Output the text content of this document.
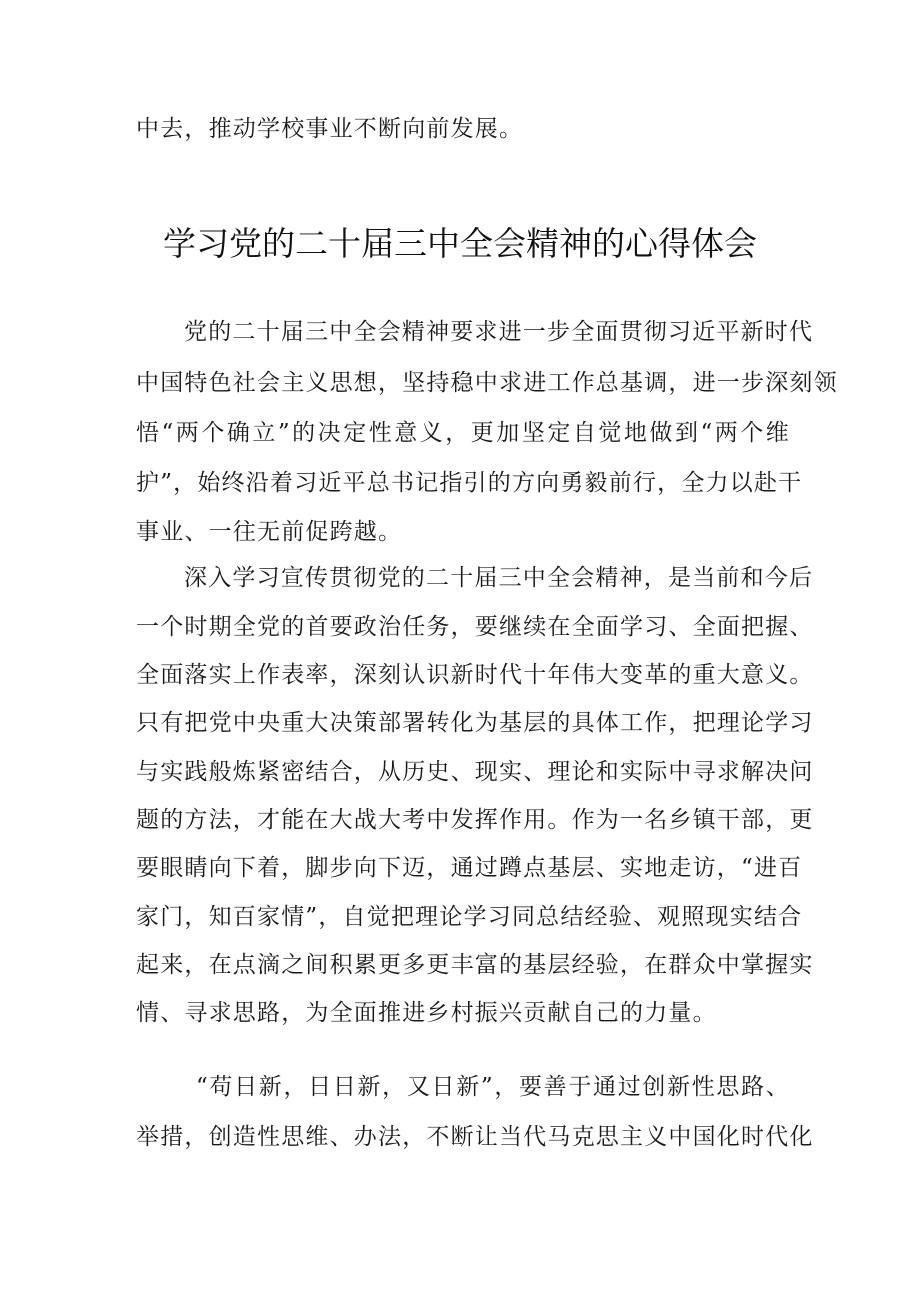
中去，推动学校事业不断向前发展。
学习党的二十届三中全会精神的心得体会
党的二十届三中全会精神要求进一步全面贯彻习近平新时代
中国特色社会主义思想，坚持稳中求进工作总基调，进一步深刻领
悟“两个确立”的决定性意义，更加坚定自觉地做到“两个维
护”，始终沿着习近平总书记指引的方向勇毅前行，全力以赴干
事业、一往无前促跨越。
深入学习宣传贯彻党的二十届三中全会精神，是当前和今后
一个时期全党的首要政治任务，要继续在全面学习、全面把握、
全面落实上作表率，深刻认识新时代十年伟大变革的重大意义。
只有把党中央重大决策部署转化为基层的具体工作，把理论学习
与实践般炼紧密结合，从历史、现实、理论和实际中寻求解决问
题的方法，才能在大战大考中发挥作用。作为一名乡镇干部，更
要眼睛向下着，脚步向下迈，通过蹲点基层、实地走访，“进百
家门，知百家情”，自觉把理论学习同总结经验、观照现实结合
起来，在点滴之间积累更多更丰富的基层经验，在群众中掌握实
情、寻求思路，为全面推进乡村振兴贡献自己的力量。
“苟日新，日日新，又日新”，要善于通过创新性思路、
举措，创造性思维、办法，不断让当代马克思主义中国化时代化
